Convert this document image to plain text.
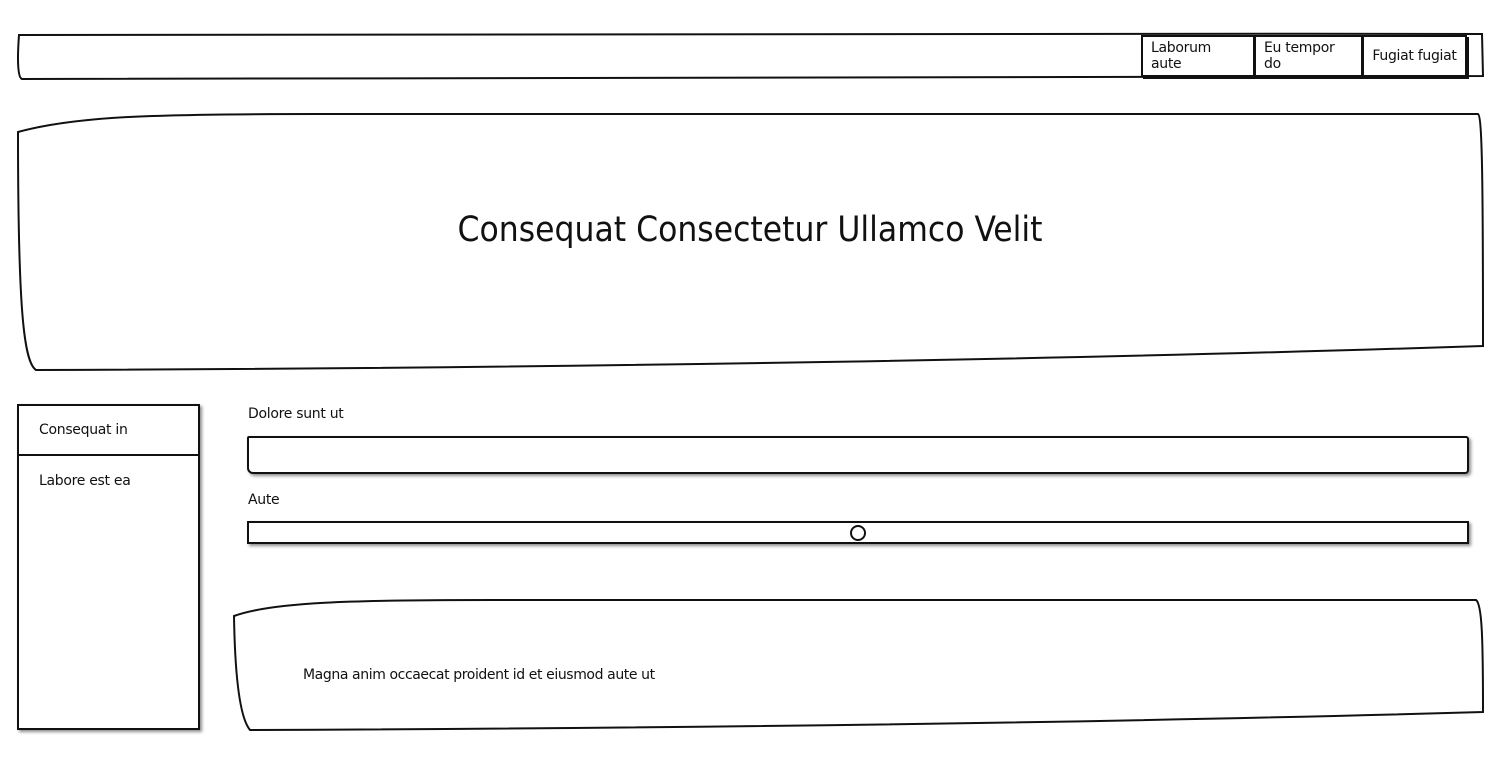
Laborum aute
Eu tempor do	Fugiat fugiat
Consequat Consectetur Ullamco Velit
Consequat in
Labore est ea
Dolore sunt ut
Aute
Magna anim occaecat proident id et eiusmod aute ut
